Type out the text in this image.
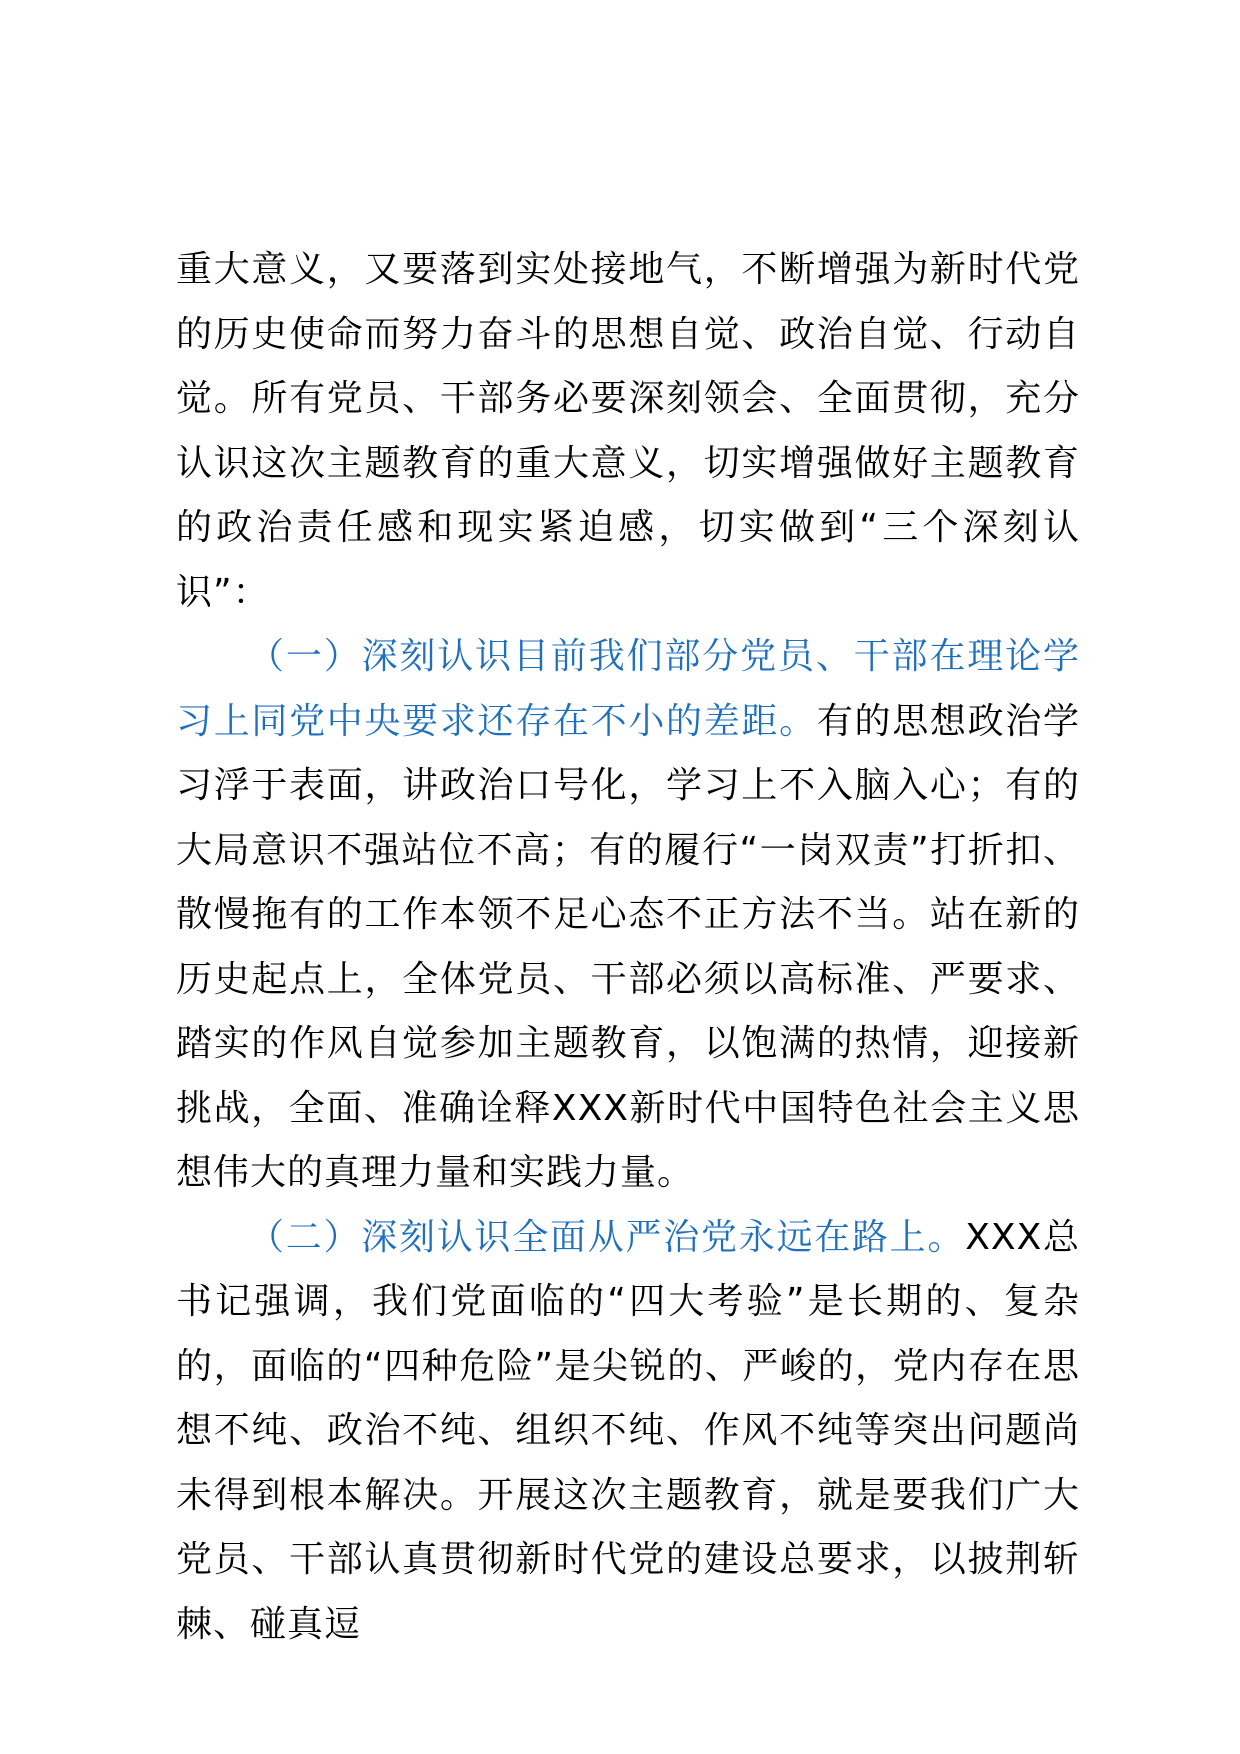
重大意义，又要落到实处接地气，不断增强为新时代党的历史使命而努力奋斗的思想自觉、政治自觉、行动自觉。所有党员、干部务必要深刻领会、全面贯彻，充分认识这次主题教育的重大意义，切实增强做好主题教育的政治责任感和现实紧迫感，切实做到“三个深刻认识”：

（一）深刻认识目前我们部分党员、干部在理论学习上同党中央要求还存在不小的差距。有的思想政治学习浮于表面，讲政治口号化，学习上不入脑入心；有的大局意识不强站位不高；有的履行“一岗双责”打折扣、散慢拖有的工作本领不足心态不正方法不当。站在新的历史起点上，全体党员、干部必须以高标准、严要求、踏实的作风自觉参加主题教育，以饱满的热情，迎接新挑战，全面、准确诠释XXX新时代中国特色社会主义思想伟大的真理力量和实践力量。

（二）深刻认识全面从严治党永远在路上。XXX总书记强调，我们党面临的“四大考验”是长期的、复杂的，面临的“四种危险”是尖锐的、严峻的，党内存在思想不纯、政治不纯、组织不纯、作风不纯等突出问题尚未得到根本解决。开展这次主题教育，就是要我们广大党员、干部认真贯彻新时代党的建设总要求，以披荆斩棘、碰真逗
